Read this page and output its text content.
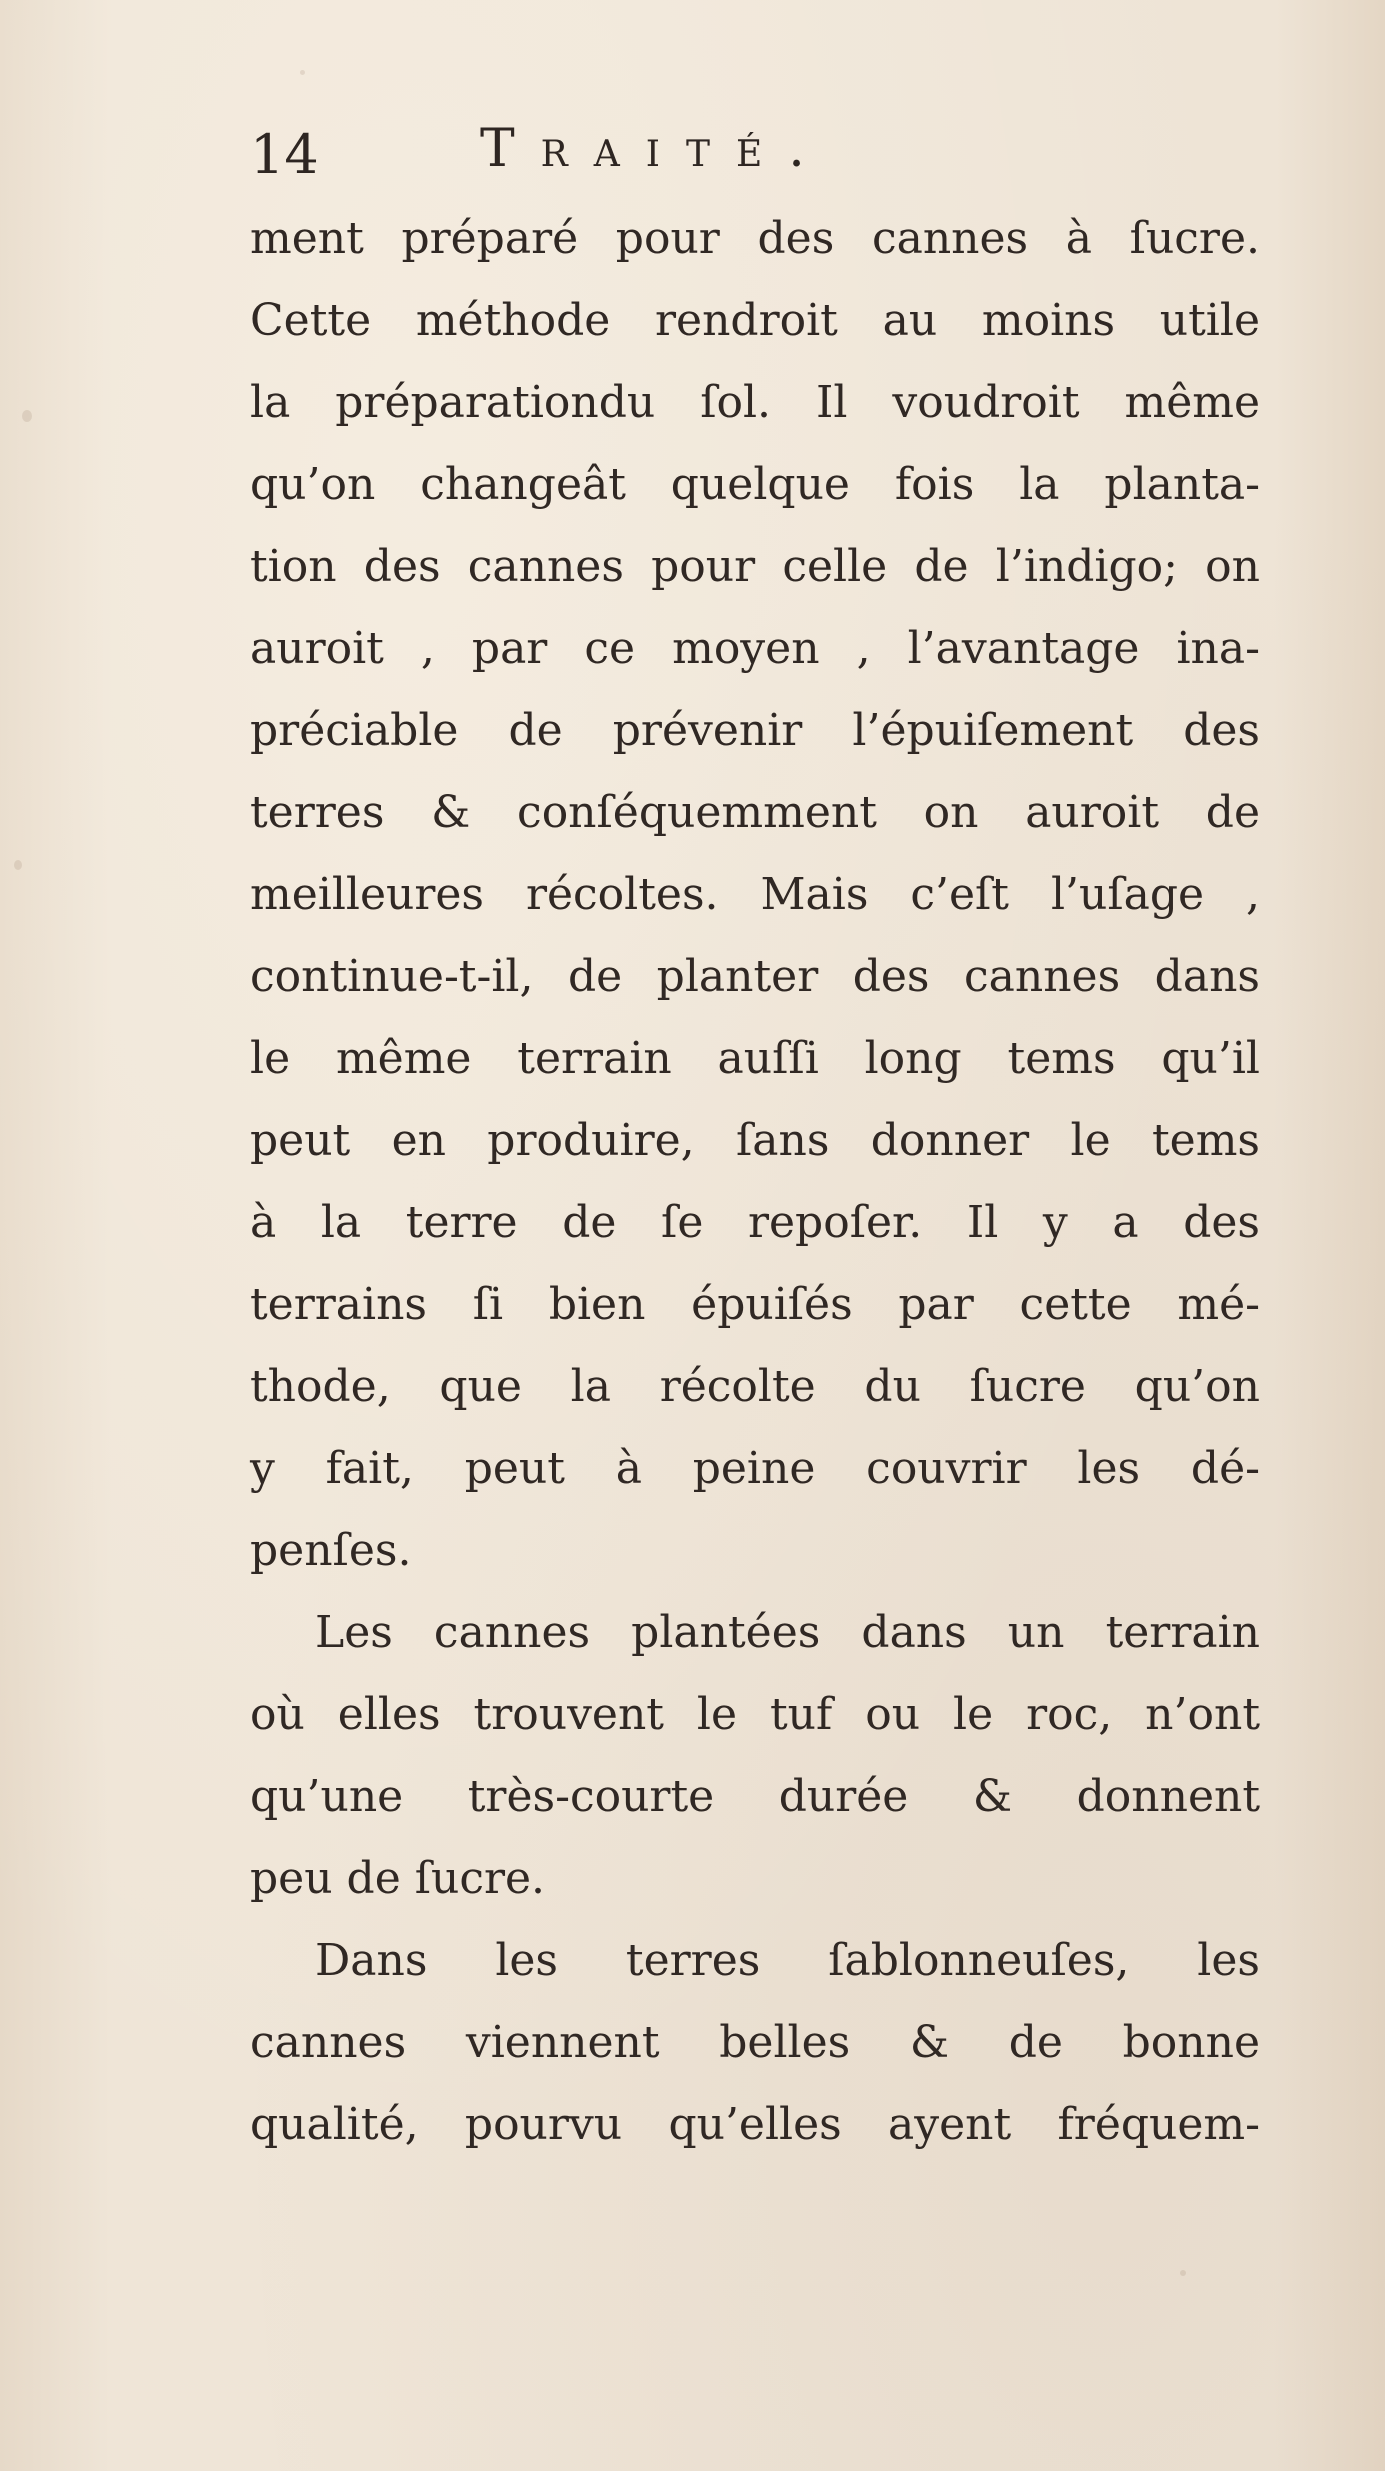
14	Traité.
ment préparé pour des cannes à ſucre.
Cette méthode rendroit au moins utile
la préparationdu ſol. Il voudroit même
qu’on changeât quelque fois la planta-
tion des cannes pour celle de l’indigo; on
auroit , par ce moyen , l’avantage ina-
préciable de prévenir l’épuiſement des
terres & conſéquemment on auroit de
meilleures récoltes. Mais c’eſt l’uſage ,
continue-t-il, de planter des cannes dans
le même terrain auſſi long tems qu’il
peut en produire, ſans donner le tems
à la terre de ſe repoſer. Il y a des
terrains ſi bien épuiſés par cette mé-
thode, que la récolte du ſucre qu’on
y fait, peut à peine couvrir les dé-
penſes.
Les cannes plantées dans un terrain
où elles trouvent le tuf ou le roc, n’ont
qu’une très-courte durée & donnent
peu de ſucre.
Dans les terres ſablonneuſes, les
cannes viennent belles & de bonne
qualité, pourvu qu’elles ayent fréquem-
